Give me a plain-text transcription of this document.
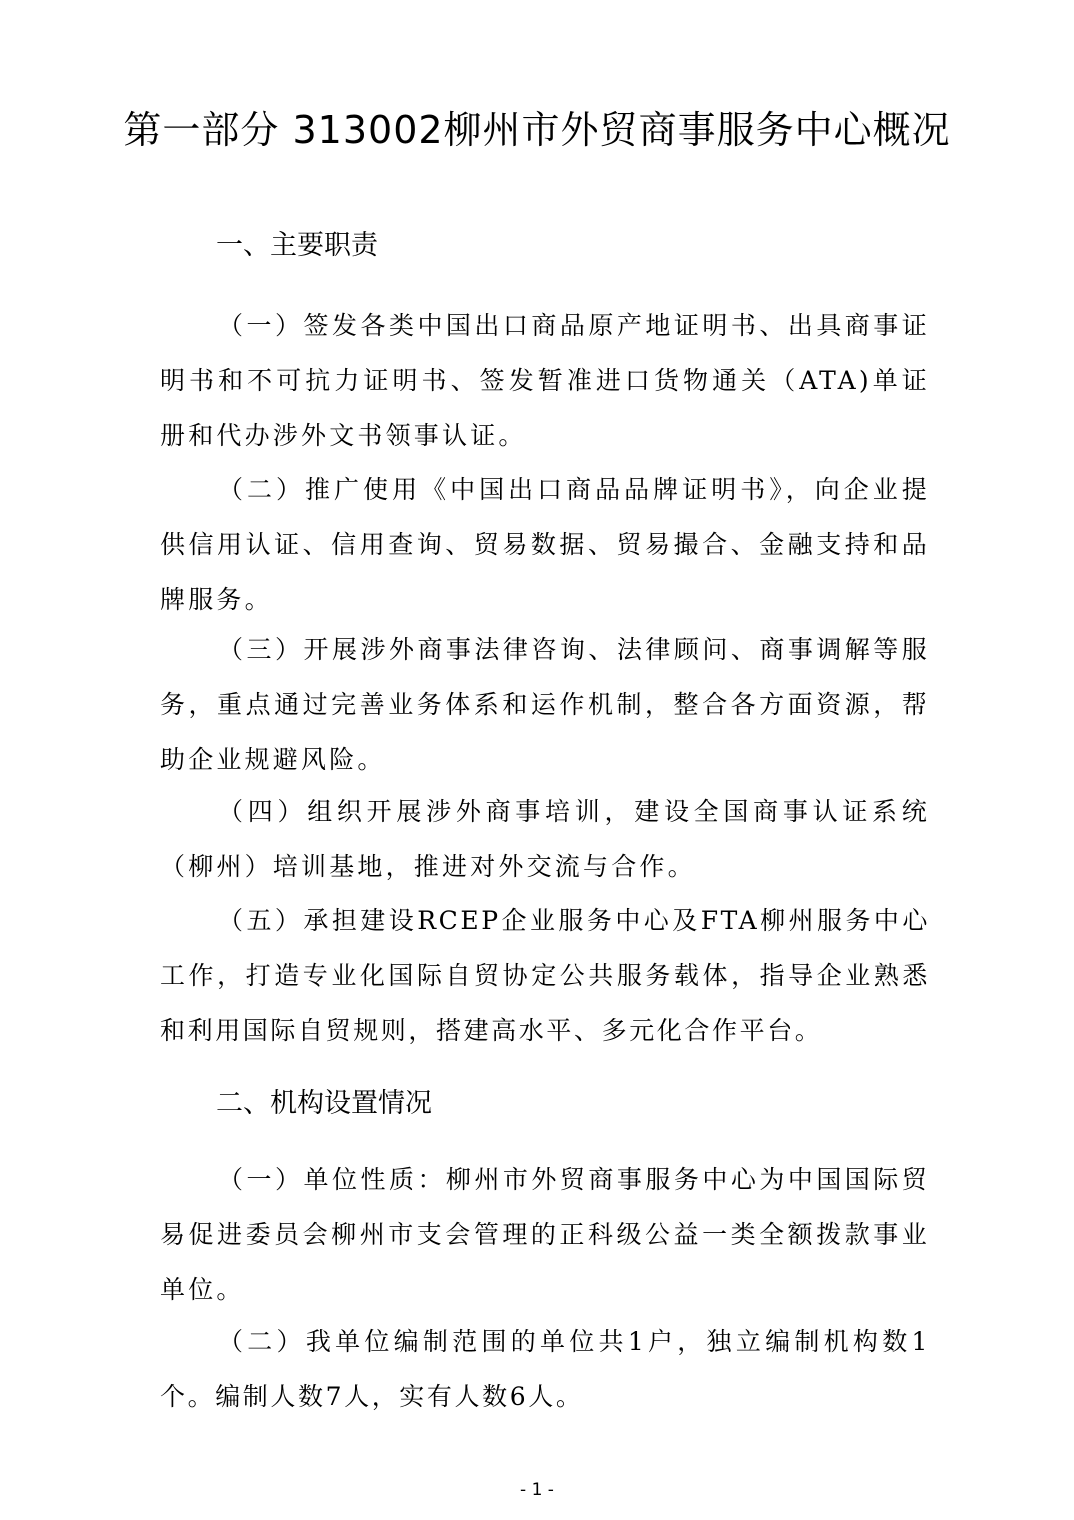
第一部分 313002柳州市外贸商事服务中心概况
一、主要职责

（一）签发各类中国出口商品原产地证明书、出具商事证明书和不可抗力证明书、签发暂准进口货物通关（ATA)单证册和代办涉外文书领事认证。

（二）推广使用《中国出口商品品牌证明书》，向企业提供信用认证、信用查询、贸易数据、贸易撮合、金融支持和品牌服务。

（三）开展涉外商事法律咨询、法律顾问、商事调解等服务，重点通过完善业务体系和运作机制，整合各方面资源，帮助企业规避风险。

（四）组织开展涉外商事培训，建设全国商事认证系统（柳州）培训基地，推进对外交流与合作。

（五）承担建设RCEP企业服务中心及FTA柳州服务中心工作，打造专业化国际自贸协定公共服务载体，指导企业熟悉和利用国际自贸规则，搭建高水平、多元化合作平台。

二、机构设置情况

（一）单位性质：柳州市外贸商事服务中心为中国国际贸易促进委员会柳州市支会管理的正科级公益一类全额拨款事业单位。

（二）我单位编制范围的单位共1户，独立编制机构数1个。编制人数7人，实有人数6人。

- 1 -
